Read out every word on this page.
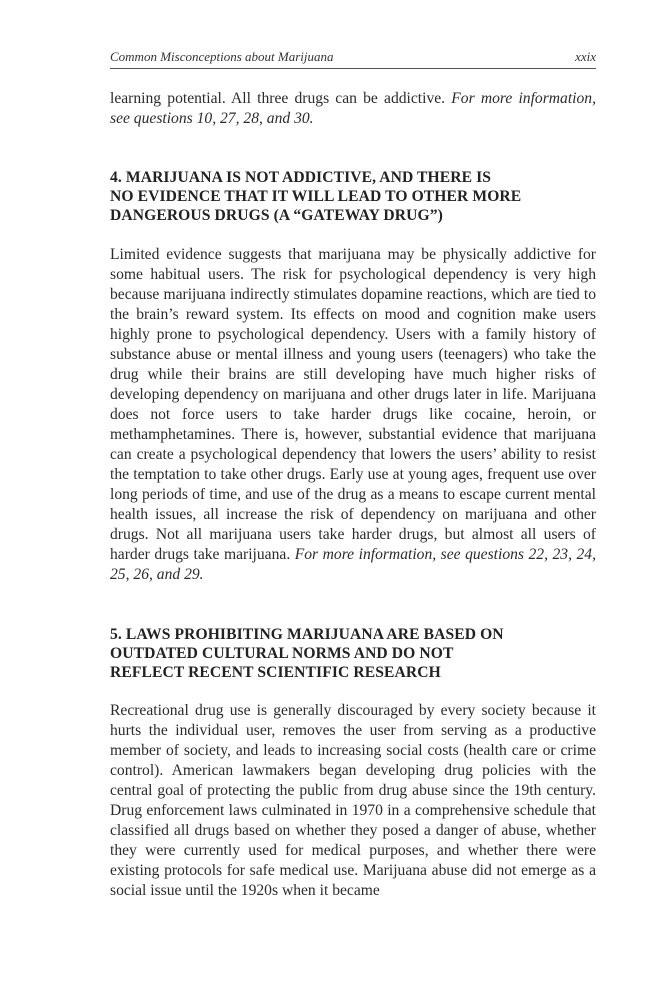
Common Misconceptions about Marijuana	xxix

learning potential. All three drugs can be addictive. For more information, see questions 10, 27, 28, and 30.

4. MARIJUANA IS NOT ADDICTIVE, AND THERE IS
NO EVIDENCE THAT IT WILL LEAD TO OTHER MORE
DANGEROUS DRUGS (A “GATEWAY DRUG”)

Limited evidence suggests that marijuana may be physically addictive for some habitual users. The risk for psychological dependency is very high because marijuana indirectly stimulates dopamine reactions, which are tied to the brain’s reward system. Its effects on mood and cognition make users highly prone to psychological dependency. Users with a family history of substance abuse or mental illness and young users (teenagers) who take the drug while their brains are still developing have much higher risks of developing dependency on marijuana and other drugs later in life. Marijuana does not force users to take harder drugs like cocaine, heroin, or methamphetamines. There is, however, substantial evidence that marijuana can create a psychological dependency that lowers the users’ ability to resist the temptation to take other drugs. Early use at young ages, frequent use over long periods of time, and use of the drug as a means to escape current mental health issues, all increase the risk of dependency on marijuana and other drugs. Not all marijuana users take harder drugs, but almost all users of harder drugs take marijuana. For more information, see questions 22, 23, 24, 25, 26, and 29.

5. LAWS PROHIBITING MARIJUANA ARE BASED ON
OUTDATED CULTURAL NORMS AND DO NOT
REFLECT RECENT SCIENTIFIC RESEARCH

Recreational drug use is generally discouraged by every society because it hurts the individual user, removes the user from serving as a productive member of society, and leads to increasing social costs (health care or crime control). American lawmakers began developing drug policies with the central goal of protecting the public from drug abuse since the 19th century. Drug enforcement laws culminated in 1970 in a comprehensive schedule that classified all drugs based on whether they posed a danger of abuse, whether they were currently used for medical purposes, and whether there were existing protocols for safe medical use. Marijuana abuse did not emerge as a social issue until the 1920s when it became
